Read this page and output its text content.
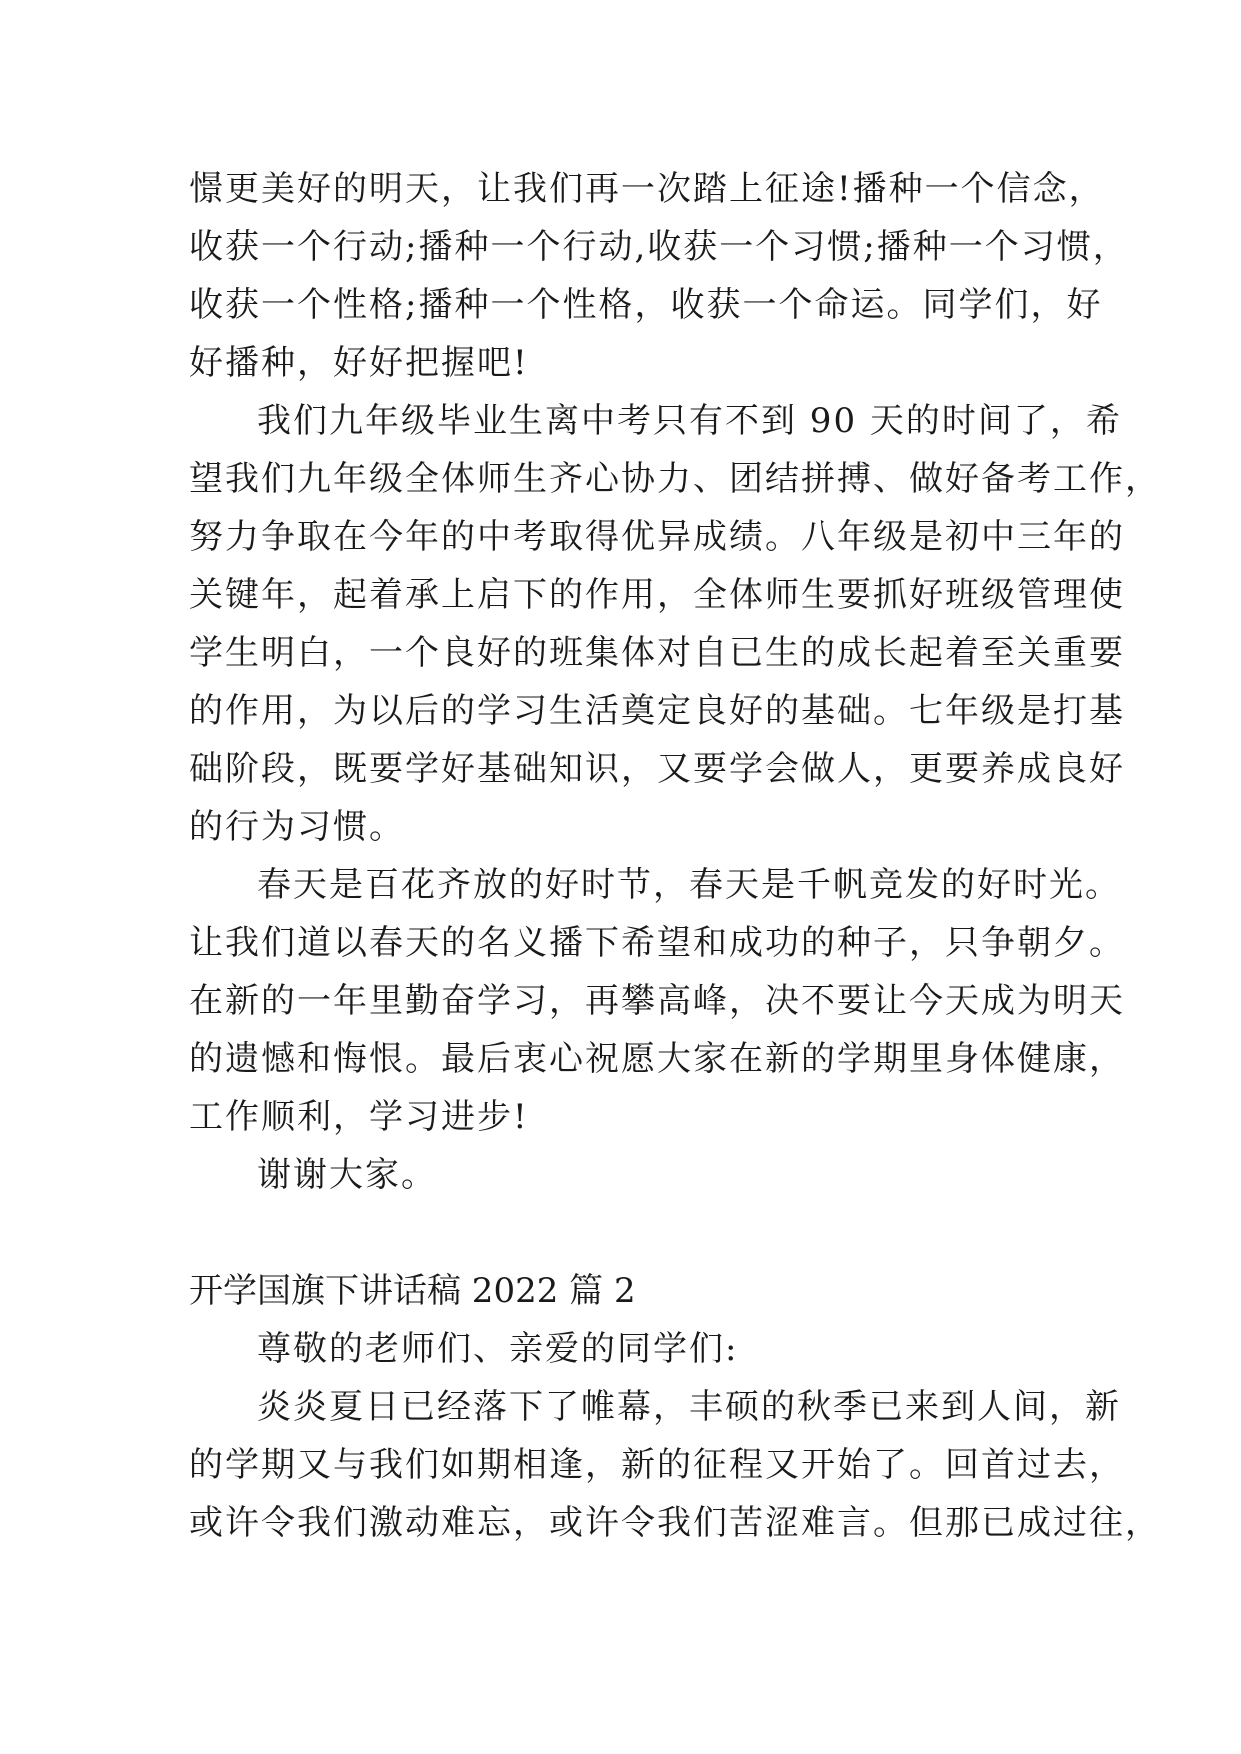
憬更美好的明天，让我们再一次踏上征途!播种一个信念，
收获一个行动;播种一个行动,收获一个习惯;播种一个习惯，
收获一个性格;播种一个性格，收获一个命运。同学们，好
好播种，好好把握吧!
我们九年级毕业生离中考只有不到 90 天的时间了，希
望我们九年级全体师生齐心协力、团结拼搏、做好备考工作，
努力争取在今年的中考取得优异成绩。八年级是初中三年的
关键年，起着承上启下的作用，全体师生要抓好班级管理使
学生明白，一个良好的班集体对自已生的成长起着至关重要
的作用，为以后的学习生活奠定良好的基础。七年级是打基
础阶段，既要学好基础知识，又要学会做人，更要养成良好
的行为习惯。
春天是百花齐放的好时节，春天是千帆竞发的好时光。
让我们道以春天的名义播下希望和成功的种子，只争朝夕。
在新的一年里勤奋学习，再攀高峰，决不要让今天成为明天
的遗憾和悔恨。最后衷心祝愿大家在新的学期里身体健康，
工作顺利，学习进步!
谢谢大家。
开学国旗下讲话稿 2022 篇 2
尊敬的老师们、亲爱的同学们:
炎炎夏日已经落下了帷幕，丰硕的秋季已来到人间，新
的学期又与我们如期相逢，新的征程又开始了。回首过去，
或许令我们激动难忘，或许令我们苦涩难言。但那已成过往，
